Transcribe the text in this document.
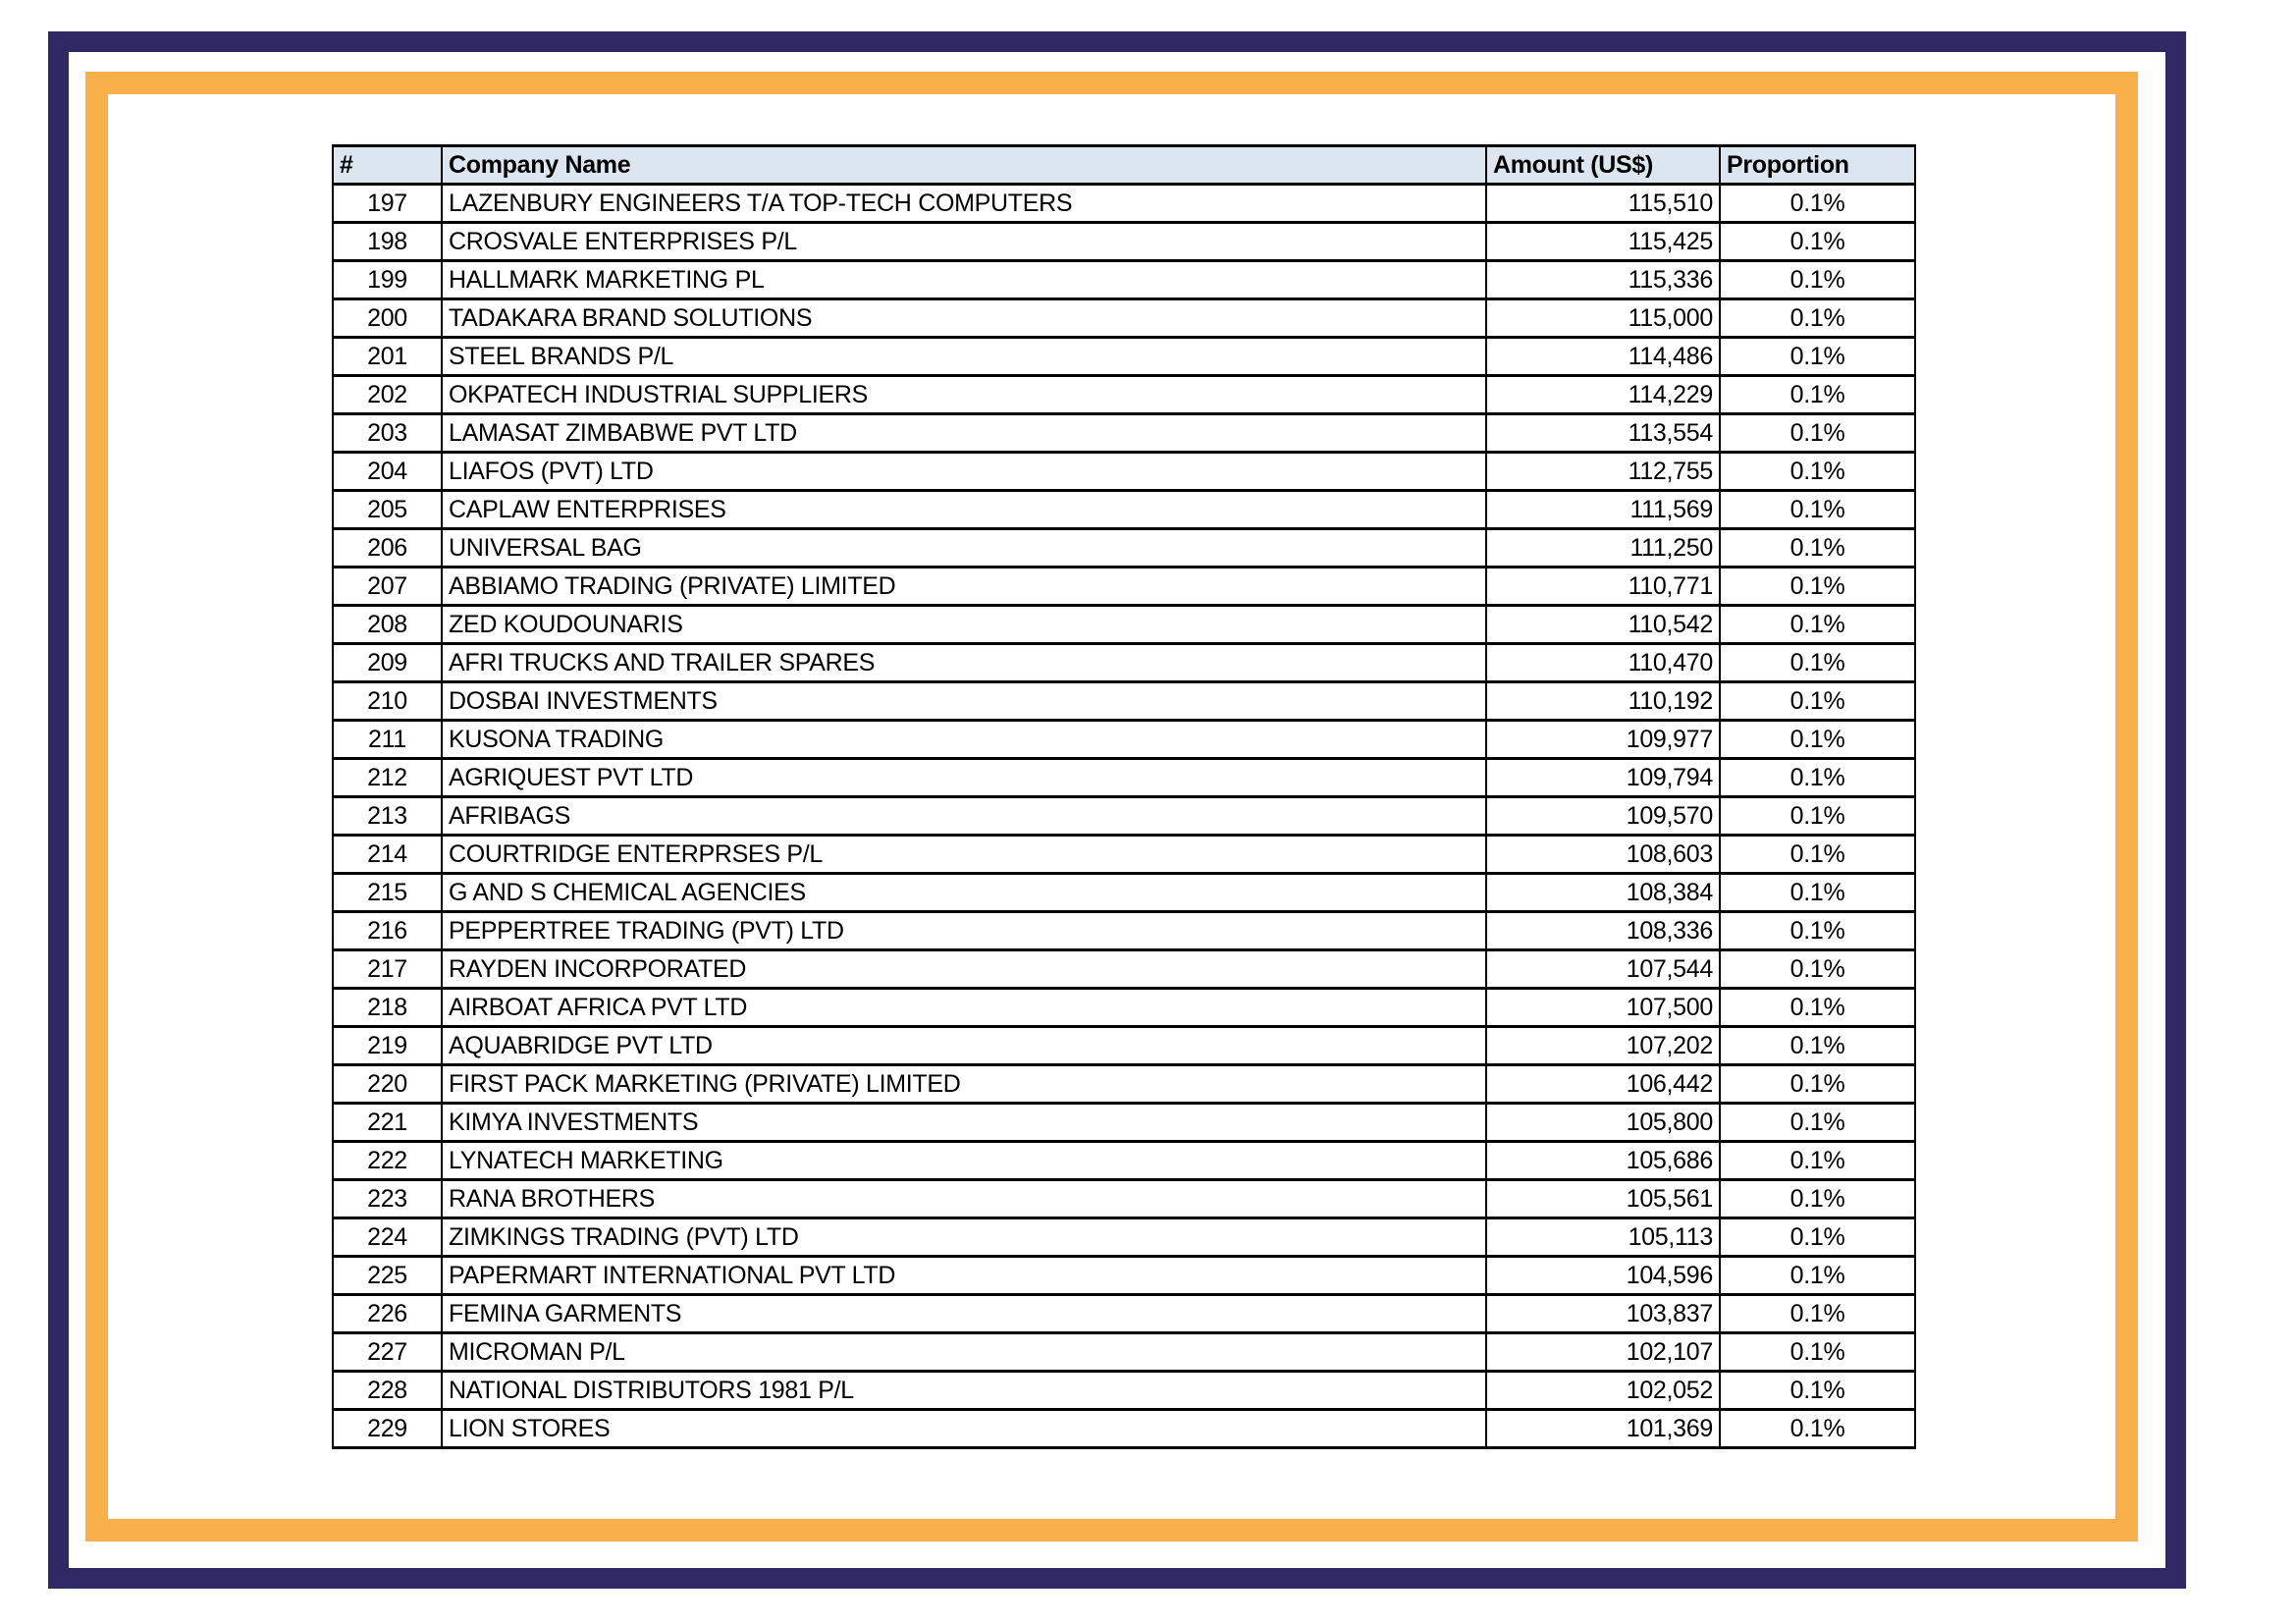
#	Company Name	Amount (US$)	Proportion
197	LAZENBURY ENGINEERS T/A TOP-TECH COMPUTERS	115,510	0.1%
198	CROSVALE ENTERPRISES P/L	115,425	0.1%
199	HALLMARK MARKETING PL	115,336	0.1%
200	TADAKARA BRAND SOLUTIONS	115,000	0.1%
201	STEEL BRANDS P/L	114,486	0.1%
202	OKPATECH INDUSTRIAL SUPPLIERS	114,229	0.1%
203	LAMASAT ZIMBABWE PVT LTD	113,554	0.1%
204	LIAFOS (PVT) LTD	112,755	0.1%
205	CAPLAW ENTERPRISES	111,569	0.1%
206	UNIVERSAL BAG	111,250	0.1%
207	ABBIAMO TRADING (PRIVATE) LIMITED	110,771	0.1%
208	ZED KOUDOUNARIS	110,542	0.1%
209	AFRI TRUCKS AND TRAILER SPARES	110,470	0.1%
210	DOSBAI INVESTMENTS	110,192	0.1%
211	KUSONA TRADING	109,977	0.1%
212	AGRIQUEST PVT LTD	109,794	0.1%
213	AFRIBAGS	109,570	0.1%
214	COURTRIDGE ENTERPRSES P/L	108,603	0.1%
215	G AND S CHEMICAL AGENCIES	108,384	0.1%
216	PEPPERTREE TRADING (PVT) LTD	108,336	0.1%
217	RAYDEN INCORPORATED	107,544	0.1%
218	AIRBOAT AFRICA PVT LTD	107,500	0.1%
219	AQUABRIDGE PVT LTD	107,202	0.1%
220	FIRST PACK MARKETING (PRIVATE) LIMITED	106,442	0.1%
221	KIMYA INVESTMENTS	105,800	0.1%
222	LYNATECH MARKETING	105,686	0.1%
223	RANA BROTHERS	105,561	0.1%
224	ZIMKINGS TRADING (PVT) LTD	105,113	0.1%
225	PAPERMART INTERNATIONAL PVT LTD	104,596	0.1%
226	FEMINA GARMENTS	103,837	0.1%
227	MICROMAN P/L	102,107	0.1%
228	NATIONAL DISTRIBUTORS 1981 P/L	102,052	0.1%
229	LION STORES	101,369	0.1%
